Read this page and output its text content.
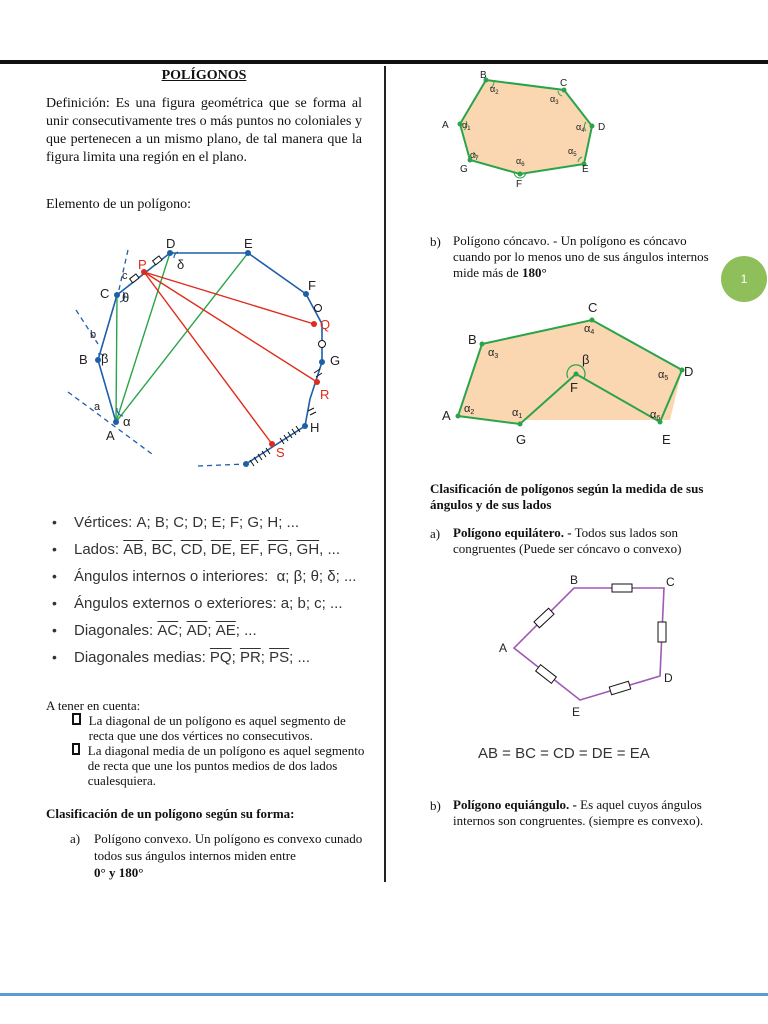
1
POLÍGONOS
Definición: Es una figura geométrica que se forma al unir consecutivamente tres o más puntos no coloniales y que pertenecen a un mismo plano, de tal manera que la figura limita una región en el plano.
Elemento de un polígono:
A
B
C
D	E
F
G
H
a
b
c
α
β
θ
δ
P
Q
R
S
•	Vértices:
A; B; C; D; E; F; G; H; ...
•	Lados:
$\overline{AB}$ , $\overline{BC}$ , $\overline{CD}$ , $\overline{DE}$ , $\overline{EF}$ , $\overline{FG}$ , $\overline{GH}$ , ...
•	Ángulos internos o interiores:
α; β; θ; δ; ...
•	Ángulos externos o exteriores:
a; b; c; ...
•	Diagonales:
$\overline{AC}$ ; $\overline{AD}$ ; $\overline{AE}$ ; ...
•	Diagonales medias:
$\overline{PQ}$ ; $\overline{PR}$ ; $\overline{PS}$ ; ...
A tener en cuenta:
La diagonal de un polígono es aquel segmento de recta que une dos vértices no consecutivos.
La diagonal media de un polígono es aquel segmento de recta que une los puntos medios de dos lados cualesquiera.
Clasificación de un polígono según su forma:
a)	Polígono convexo. Un polígono es convexo cunado todos sus ángulos internos miden entre
0° y 180°
B
C
D
E
F
G
A
$\alpha_2$
$\alpha_3$
$\alpha_4$
$\alpha_5$
$\alpha_6$
$\alpha_7$
$\alpha_1$
b) Polígono cóncavo. - Un polígono es cóncavo cuando por lo menos uno de sus ángulos internos mide más de 180°
B
C
D
E
F
G
A
β
α3
α4
α5
α6
α1
α2
Clasificación de polígonos según la medida de sus ángulos y de sus lados
a) Polígono equilátero. - Todos sus lados son congruentes (Puede ser cóncavo o convexo)
B	C
D
E
A
AB = BC = CD = DE = EA
b) Polígono equiángulo. - Es aquel cuyos ángulos internos son congruentes. (siempre es convexo).
